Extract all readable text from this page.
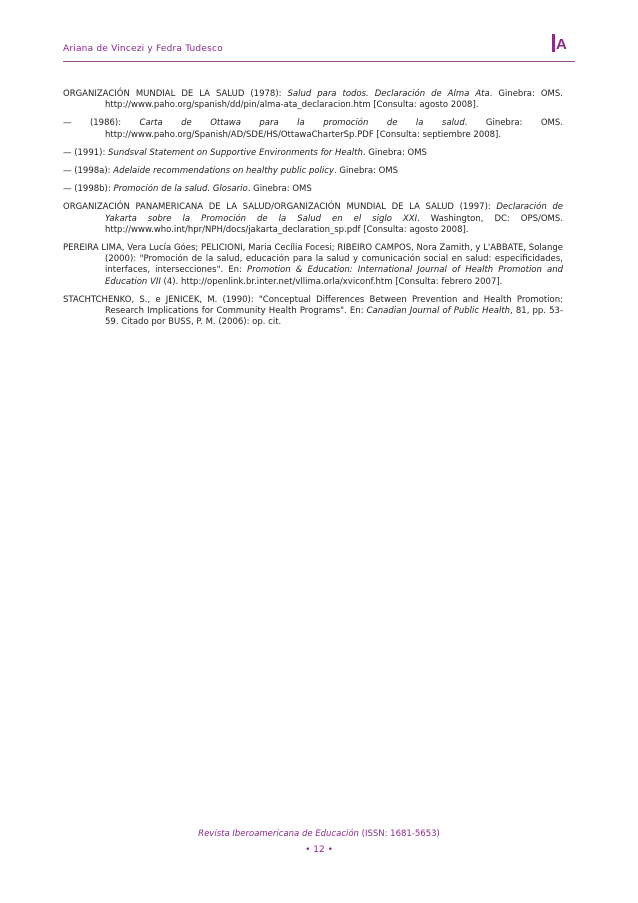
Ariana de Vincezi y Fedra Tudesco	A

ORGANIZACIÓN MUNDIAL DE LA SALUD (1978): Salud para todos. Declaración de Alma Ata. Ginebra: OMS. http://www.paho.org/spanish/dd/pin/alma-ata_declaracion.htm [Consulta: agosto 2008].

— (1986): Carta de Ottawa para la promoción de la salud. Ginebra: OMS. http://www.paho.org/Spanish/AD/SDE/HS/OttawaCharterSp.PDF [Consulta: septiembre 2008].

— (1991): Sundsval Statement on Supportive Environments for Health. Ginebra: OMS

— (1998a): Adelaide recommendations on healthy public policy. Ginebra: OMS

— (1998b): Promoción de la salud. Glosario. Ginebra: OMS

ORGANIZACIÓN PANAMERICANA DE LA SALUD/ORGANIZACIÓN MUNDIAL DE LA SALUD (1997): Declaración de Yakarta sobre la Promoción de la Salud en el siglo XXI. Washington, DC: OPS/OMS. http://www.who.int/hpr/NPH/docs/jakarta_declaration_sp.pdf [Consulta: agosto 2008].

PEREIRA LIMA, Vera Lucía Góes; PELICIONI, Maria Cecília Focesi; RIBEIRO CAMPOS, Nora Zamith, y L'ABBATE, Solange (2000): "Promoción de la salud, educación para la salud y comunicación social en salud: especificidades, interfaces, intersecciones". En: Promotion & Education: International Journal of Health Promotion and Education VII (4). http://openlink.br.inter.net/vllima.orla/xviconf.htm [Consulta: febrero 2007].

STACHTCHENKO, S., e JENICEK, M. (1990): "Conceptual Differences Between Prevention and Health Promotion: Research Implications for Community Health Programs". En: Canadian Journal of Public Health, 81, pp. 53-59. Citado por BUSS, P. M. (2006): op. cit.

Revista Iberoamericana de Educación (ISSN: 1681-5653)
• 12 •
